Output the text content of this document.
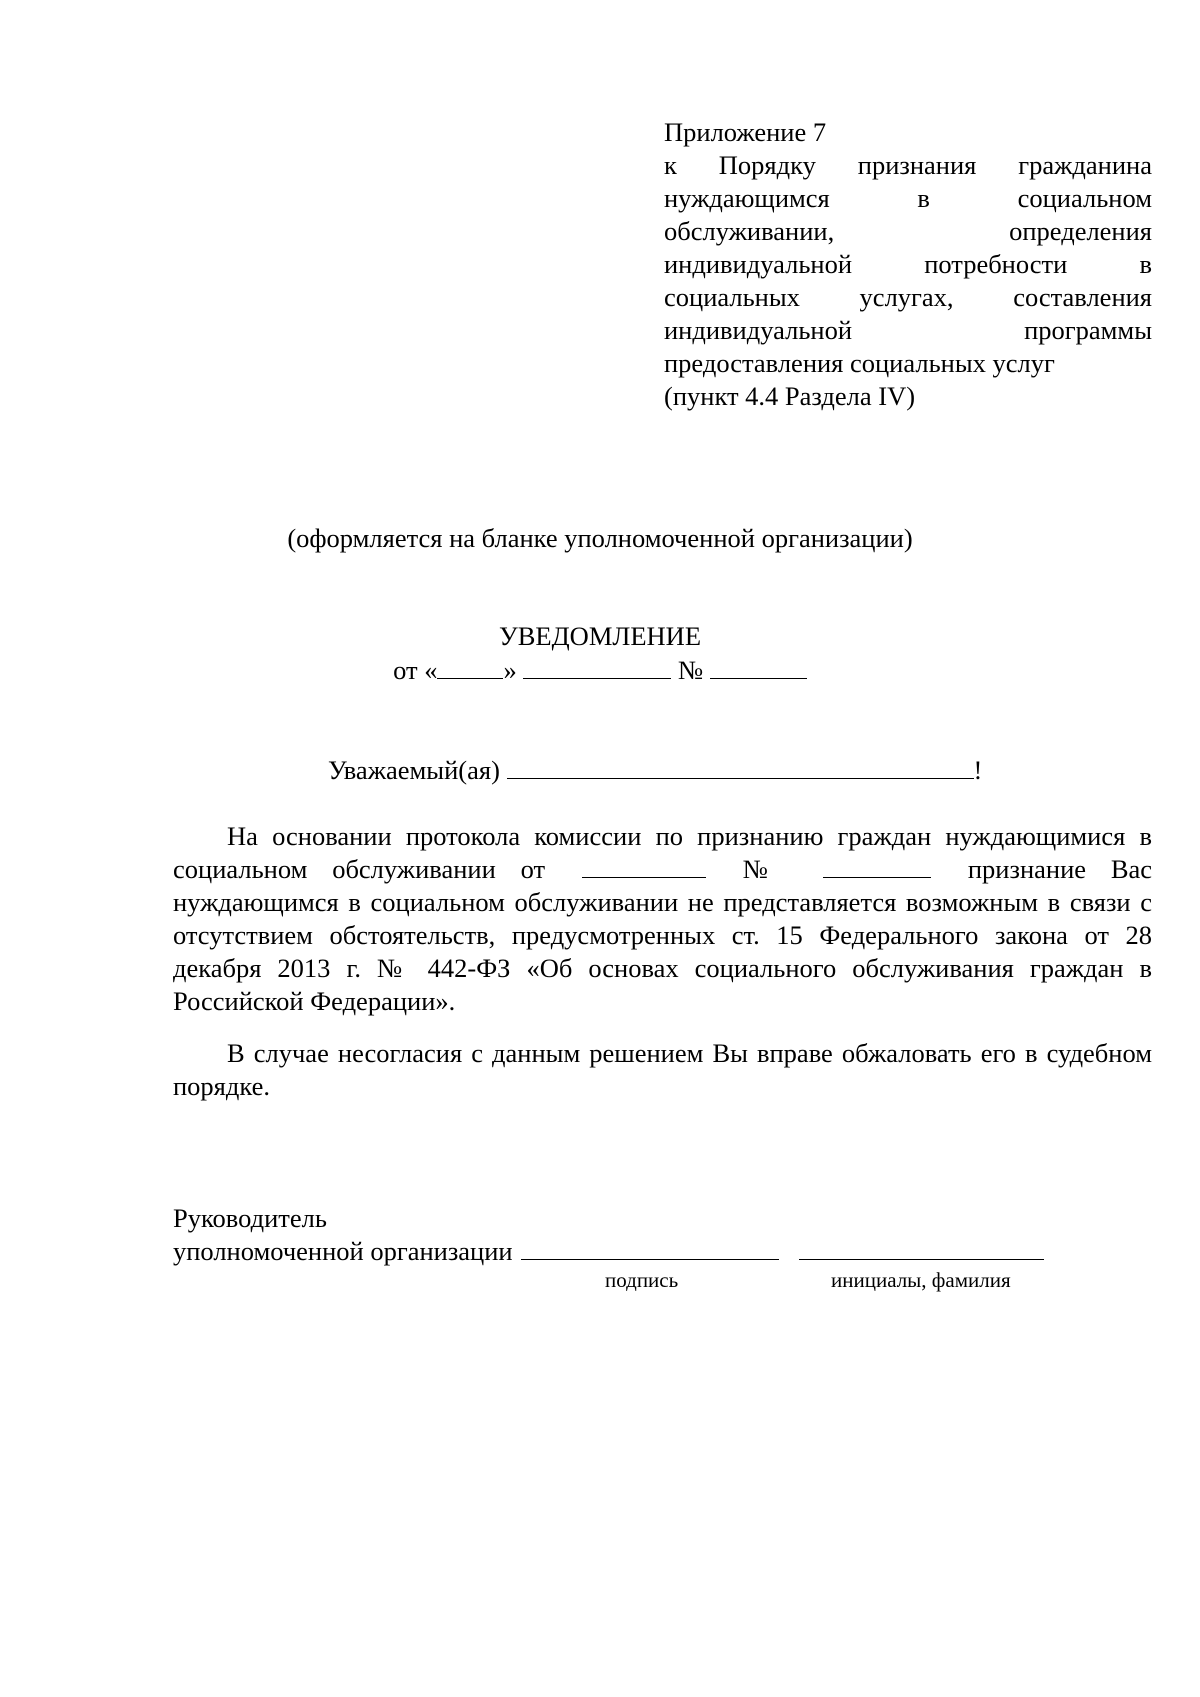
Приложение 7
к Порядку признания гражданина нуждающимся в социальном обслуживании, определения индивидуальной потребности в социальных услугах, составления индивидуальной программы предоставления социальных услуг
(пункт 4.4 Раздела IV)
(оформляется на бланке уполномоченной организации)
УВЕДОМЛЕНИЕ
от « »	№
Уважаемый(ая)	!
На основании протокола комиссии по признанию граждан нуждающимися в социальном обслуживании от	№	признание Вас нуждающимся в социальном обслуживании не представляется возможным в связи с отсутствием обстоятельств, предусмотренных ст. 15 Федерального закона от 28 декабря 2013 г. № 442-ФЗ «Об основах социального обслуживания граждан в Российской Федерации».
В случае несогласия с данным решением Вы вправе обжаловать его в судебном порядке.
Руководитель
уполномоченной организации
подпись	инициалы, фамилия
